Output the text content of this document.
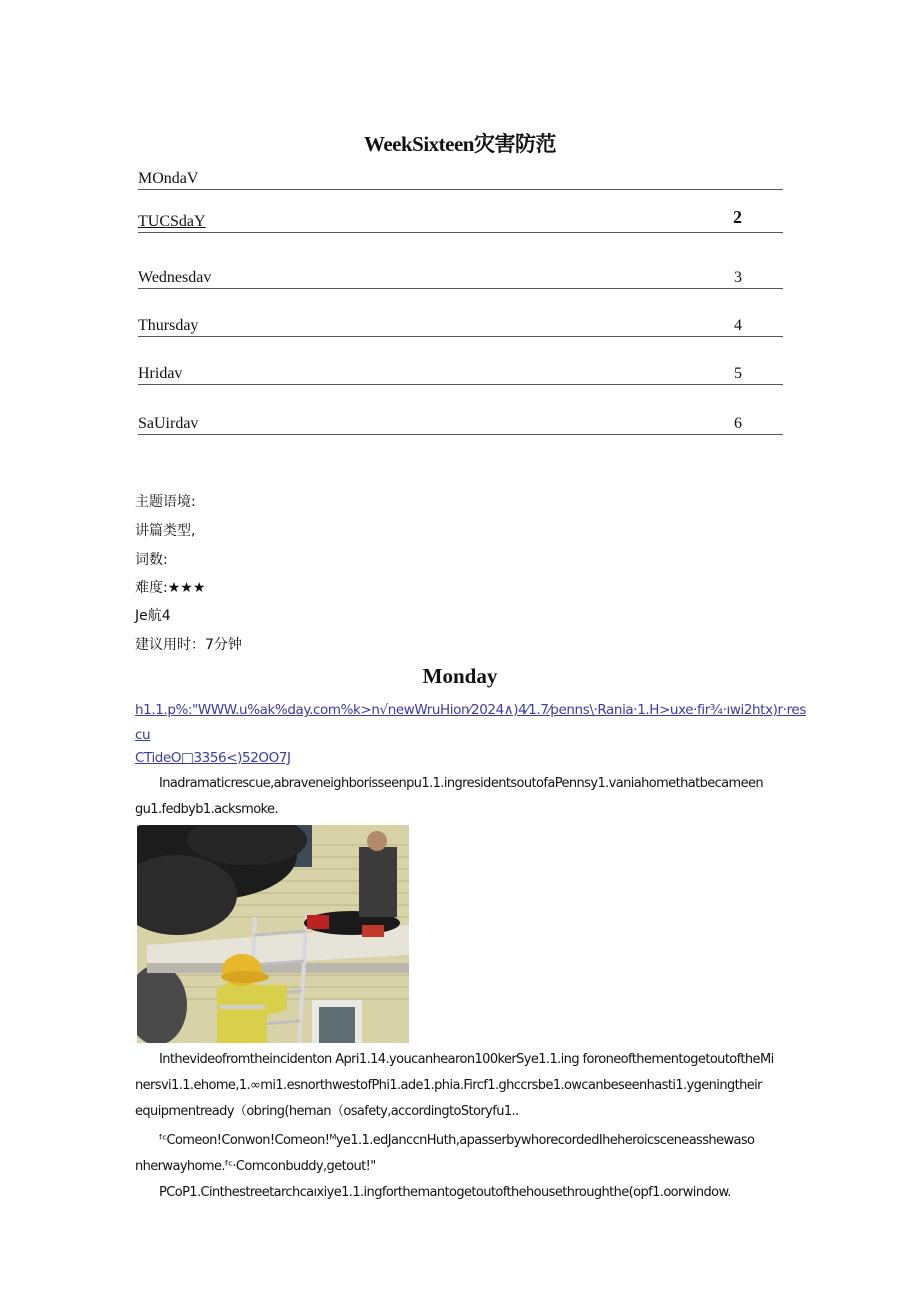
WeekSixteen灾害防范
MOndaV
TUCSdaY	2
Wednesdav	3
Thursday	4
Hridav	5
SaUirdav	6
主题语境:
讲篇类型,
词数:
难度:★★★
Je航4
建议用时：7分钟
Monday
h1.1.p%:"WWW.u%ak%day.com%k>n√newWruHion⁄2024∧)4⁄1.7⁄penns\·Rania·1.H>uxe·fir¾·ıwi2htx)r·res
cu
CTideO□3356<)52OO7J
Inadramaticrescue,abraveneighborisseenpu1.1.ingresidentsoutofaPennsy1.vaniahomethatbecameen
gu1.fedbyb1.acksmoke.
Inthevideofromtheincidenton Apri1.14.youcanhearon100kerSye1.1.ing foroneofthementogetoutoftheMi
nersvi1.1.ehome,1.∞mi1.esnorthwestofPhi1.ade1.phia.Fircf1.ghccrsbe1.owcanbeseenhasti1.ygeningtheir
equipmentready（obring(heman（osafety,accordingtoStoryfu1..
ᶠᶜComeon!Conwon!Comeon!ᴹye1.1.edJanccnHuth,apasserbywhorecordedIheheroicsceneasshewaso
nherwayhome.ᶠᶜ·Comconbuddy,getout!"
PCoP1.Cinthestreetarchcaıxiye1.1.ingforthemantogetoutofthehousethroughthe(opf1.oorwindow.
